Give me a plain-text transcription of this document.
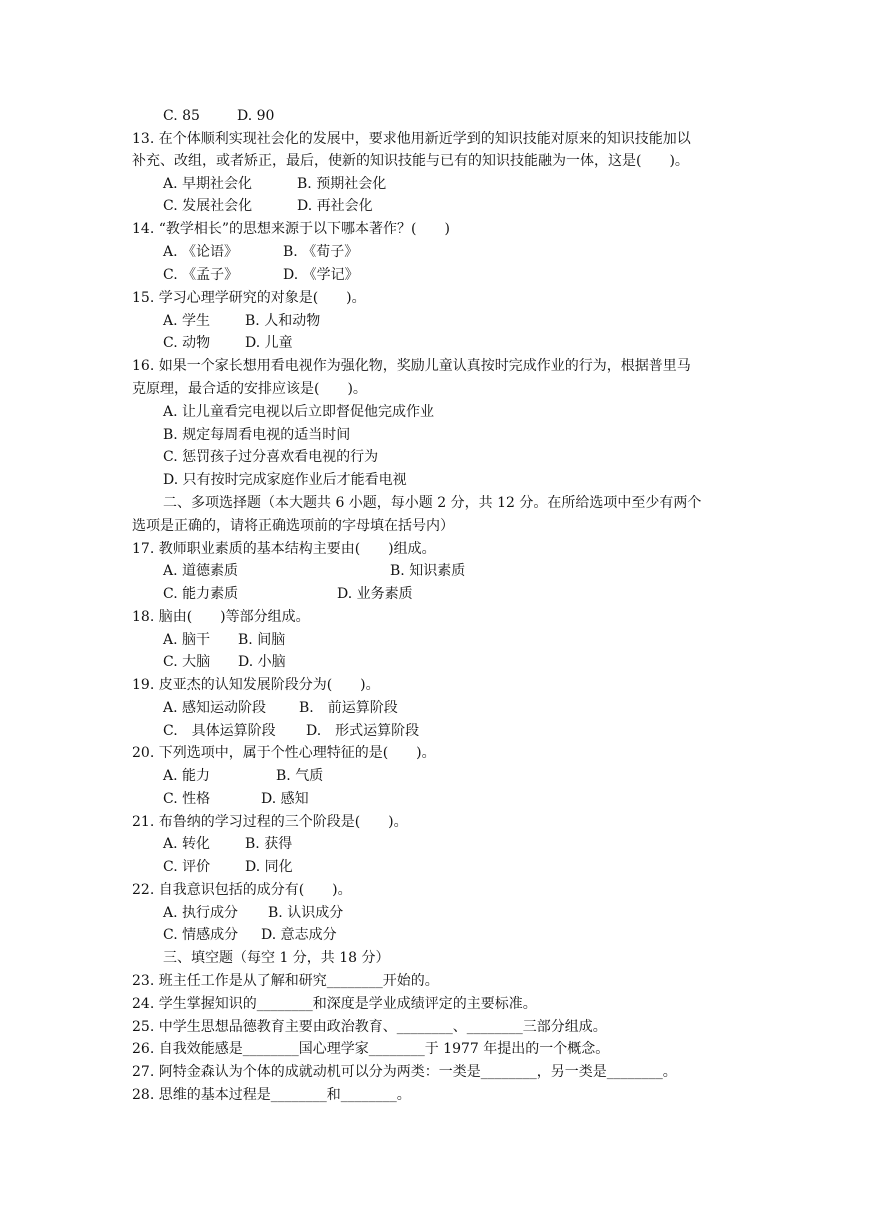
C. 85	D. 90
13. 在个体顺利实现社会化的发展中，要求他用新近学到的知识技能对原来的知识技能加以
补充、改组，或者矫正，最后，使新的知识技能与已有的知识技能融为一体，这是(　　)。
A. 早期社会化	B. 预期社会化
C. 发展社会化	D. 再社会化
14. “教学相长”的思想来源于以下哪本著作？(　　)
A. 《论语》	B. 《荀子》
C. 《孟子》	D. 《学记》
15. 学习心理学研究的对象是(　　)。
A. 学生 B. 人和动物
C. 动物 D. 儿童
16. 如果一个家长想用看电视作为强化物，奖励儿童认真按时完成作业的行为，根据普里马
克原理，最合适的安排应该是(　　)。
A. 让儿童看完电视以后立即督促他完成作业
B. 规定每周看电视的适当时间
C. 惩罚孩子过分喜欢看电视的行为
D. 只有按时完成家庭作业后才能看电视
二、多项选择题（本大题共 6 小题，每小题 2 分，共 12 分。在所给选项中至少有两个
选项是正确的，请将正确选项前的字母填在括号内）
17. 教师职业素质的基本结构主要由(　　)组成。
A. 道德素质	B. 知识素质
C. 能力素质	D. 业务素质
18. 脑由(　　)等部分组成。
A. 脑干 B. 间脑
C. 大脑 D. 小脑
19. 皮亚杰的认知发展阶段分为(　　)。
A. 感知运动阶段 B.　前运算阶段
C.　具体运算阶段 D.　形式运算阶段
20. 下列选项中，属于个性心理特征的是(　　)。
A. 能力	B. 气质
C. 性格	D. 感知
21. 布鲁纳的学习过程的三个阶段是(　　)。
A. 转化 B. 获得
C. 评价 D. 同化
22. 自我意识包括的成分有(　　)。
A. 执行成分 B. 认识成分
C. 情感成分 D. 意志成分
三、填空题（每空 1 分，共 18 分）
23. 班主任工作是从了解和研究________开始的。
24. 学生掌握知识的________和深度是学业成绩评定的主要标准。
25. 中学生思想品德教育主要由政治教育、________、________三部分组成。
26. 自我效能感是________国心理学家________于 1977 年提出的一个概念。
27. 阿特金森认为个体的成就动机可以分为两类：一类是________，另一类是________。
28. 思维的基本过程是________和________。
